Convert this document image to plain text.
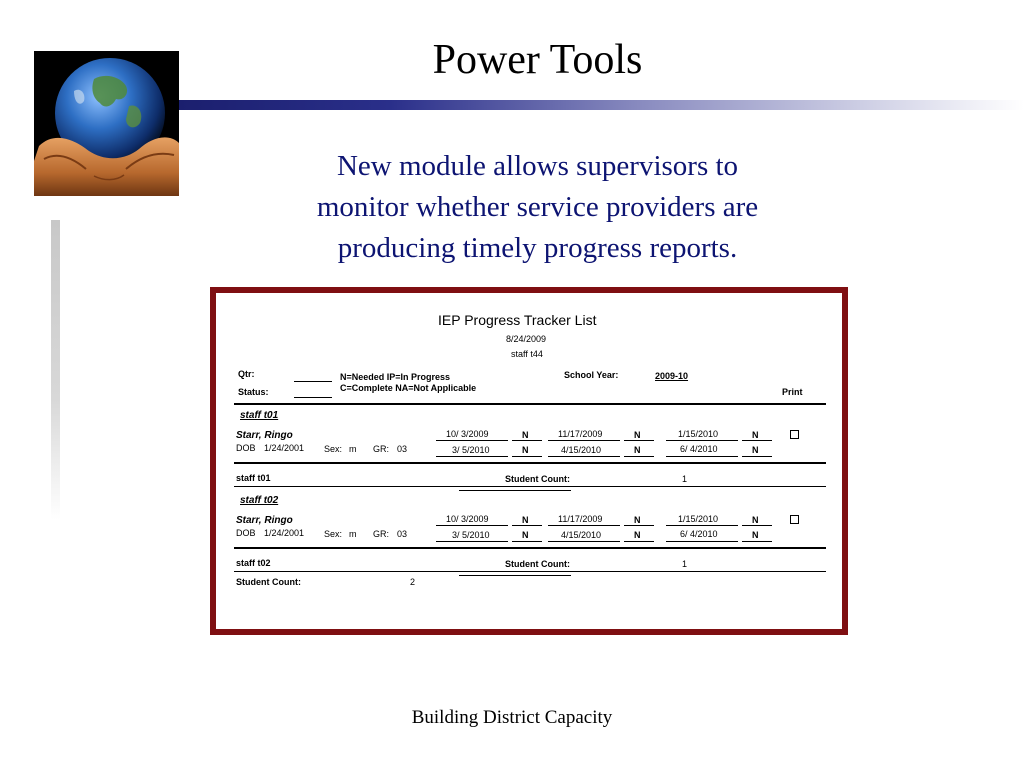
Power Tools
New module allows supervisors to
monitor whether service providers are
producing timely progress reports.
IEP Progress Tracker List
8/24/2009
staff t44
Qtr:
Status:
N=Needed IP=In Progress
C=Complete NA=Not Applicable
School Year:	2009-10
Print
staff t01
Starr, Ringo
DOB 1/24/2001 Sex: m GR: 03
10/ 3/2009	N	11/17/2009	N	1/15/2010	N
3/ 5/2010	N	4/15/2010	N	6/ 4/2010	N
staff t01	Student Count:	1
staff t02
Starr, Ringo
DOB 1/24/2001 Sex: m GR: 03
10/ 3/2009	N	11/17/2009	N	1/15/2010	N
3/ 5/2010	N	4/15/2010	N	6/ 4/2010	N
staff t02	Student Count:	1
Student Count:	2
Building District Capacity
